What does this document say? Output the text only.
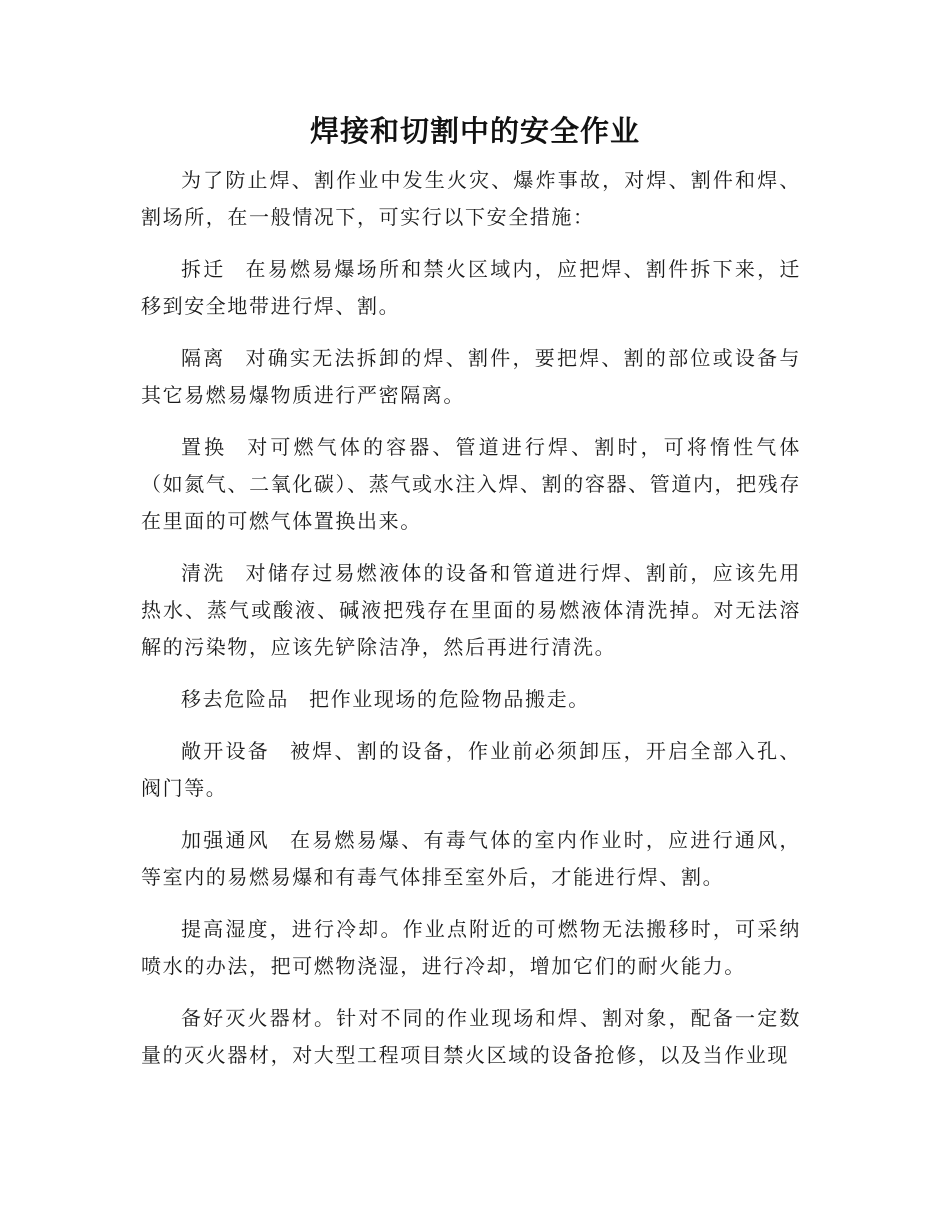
焊接和切割中的安全作业

为了防止焊、割作业中发生火灾、爆炸事故，对焊、割件和焊、割场所，在一般情况下，可实行以下安全措施：

拆迁 在易燃易爆场所和禁火区域内，应把焊、割件拆下来，迁移到安全地带进行焊、割。

隔离 对确实无法拆卸的焊、割件，要把焊、割的部位或设备与其它易燃易爆物质进行严密隔离。

置换 对可燃气体的容器、管道进行焊、割时，可将惰性气体（如氮气、二氧化碳）、蒸气或水注入焊、割的容器、管道内，把残存在里面的可燃气体置换出来。

清洗 对储存过易燃液体的设备和管道进行焊、割前，应该先用热水、蒸气或酸液、碱液把残存在里面的易燃液体清洗掉。对无法溶解的污染物，应该先铲除洁净，然后再进行清洗。

移去危险品 把作业现场的危险物品搬走。

敞开设备 被焊、割的设备，作业前必须卸压，开启全部入孔、阀门等。

加强通风 在易燃易爆、有毒气体的室内作业时，应进行通风，等室内的易燃易爆和有毒气体排至室外后，才能进行焊、割。

提高湿度，进行冷却。作业点附近的可燃物无法搬移时，可采纳喷水的办法，把可燃物浇湿，进行冷却，增加它们的耐火能力。

备好灭火器材。针对不同的作业现场和焊、割对象，配备一定数量的灭火器材，对大型工程项目禁火区域的设备抢修，以及当作业现
